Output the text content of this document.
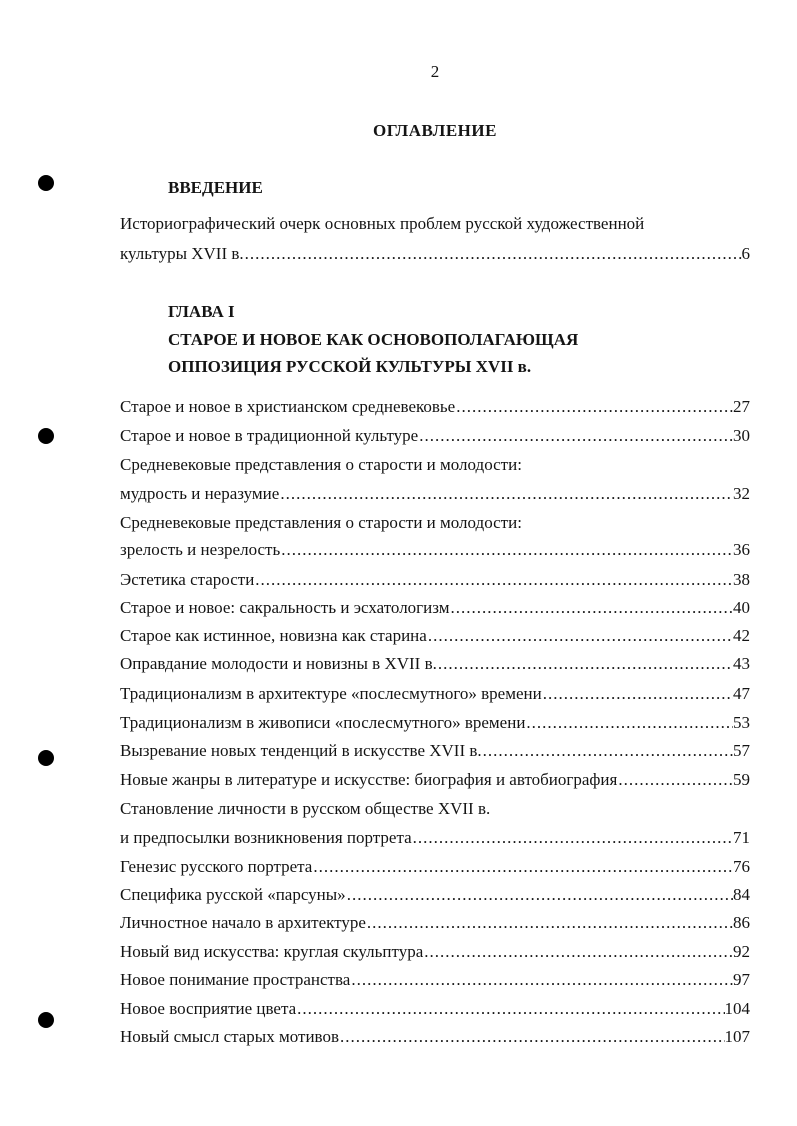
2
ОГЛАВЛЕНИЕ
ВВЕДЕНИЕ
Историографический очерк основных проблем русской художественной
культуры XVII в. .....	6
ГЛАВА I
СТАРОЕ И НОВОЕ КАК ОСНОВОПОЛАГАЮЩАЯ
ОППОЗИЦИЯ РУССКОЙ КУЛЬТУРЫ XVII в.
Старое и новое в христианском средневековье .....	27
Старое и новое в традиционной культуре .....	30
Средневековые представления о старости и молодости:
мудрость и неразумие .....	32
Средневековые представления о старости и молодости:
зрелость и незрелость .....	36
Эстетика старости .....	38
Старое и новое: сакральность и эсхатологизм .....	40
Старое как истинное, новизна как старина .....	42
Оправдание молодости и новизны в XVII в. .....	43
Традиционализм в архитектуре «послесмутного» времени .....	47
Традиционализм в живописи «послесмутного» времени .....	53
Вызревание новых тенденций в искусстве XVII в. .....	57
Новые жанры в литературе и искусстве: биография и автобиография .....	59
Становление личности в русском обществе XVII в.
и предпосылки возникновения портрета .....	71
Генезис русского портрета .....	76
Специфика русской «парсуны» .....	84
Личностное начало в архитектуре .....	86
Новый вид искусства: круглая скульптура .....	92
Новое понимание пространства .....	97
Новое восприятие цвета .....	104
Новый смысл старых мотивов .....	107
